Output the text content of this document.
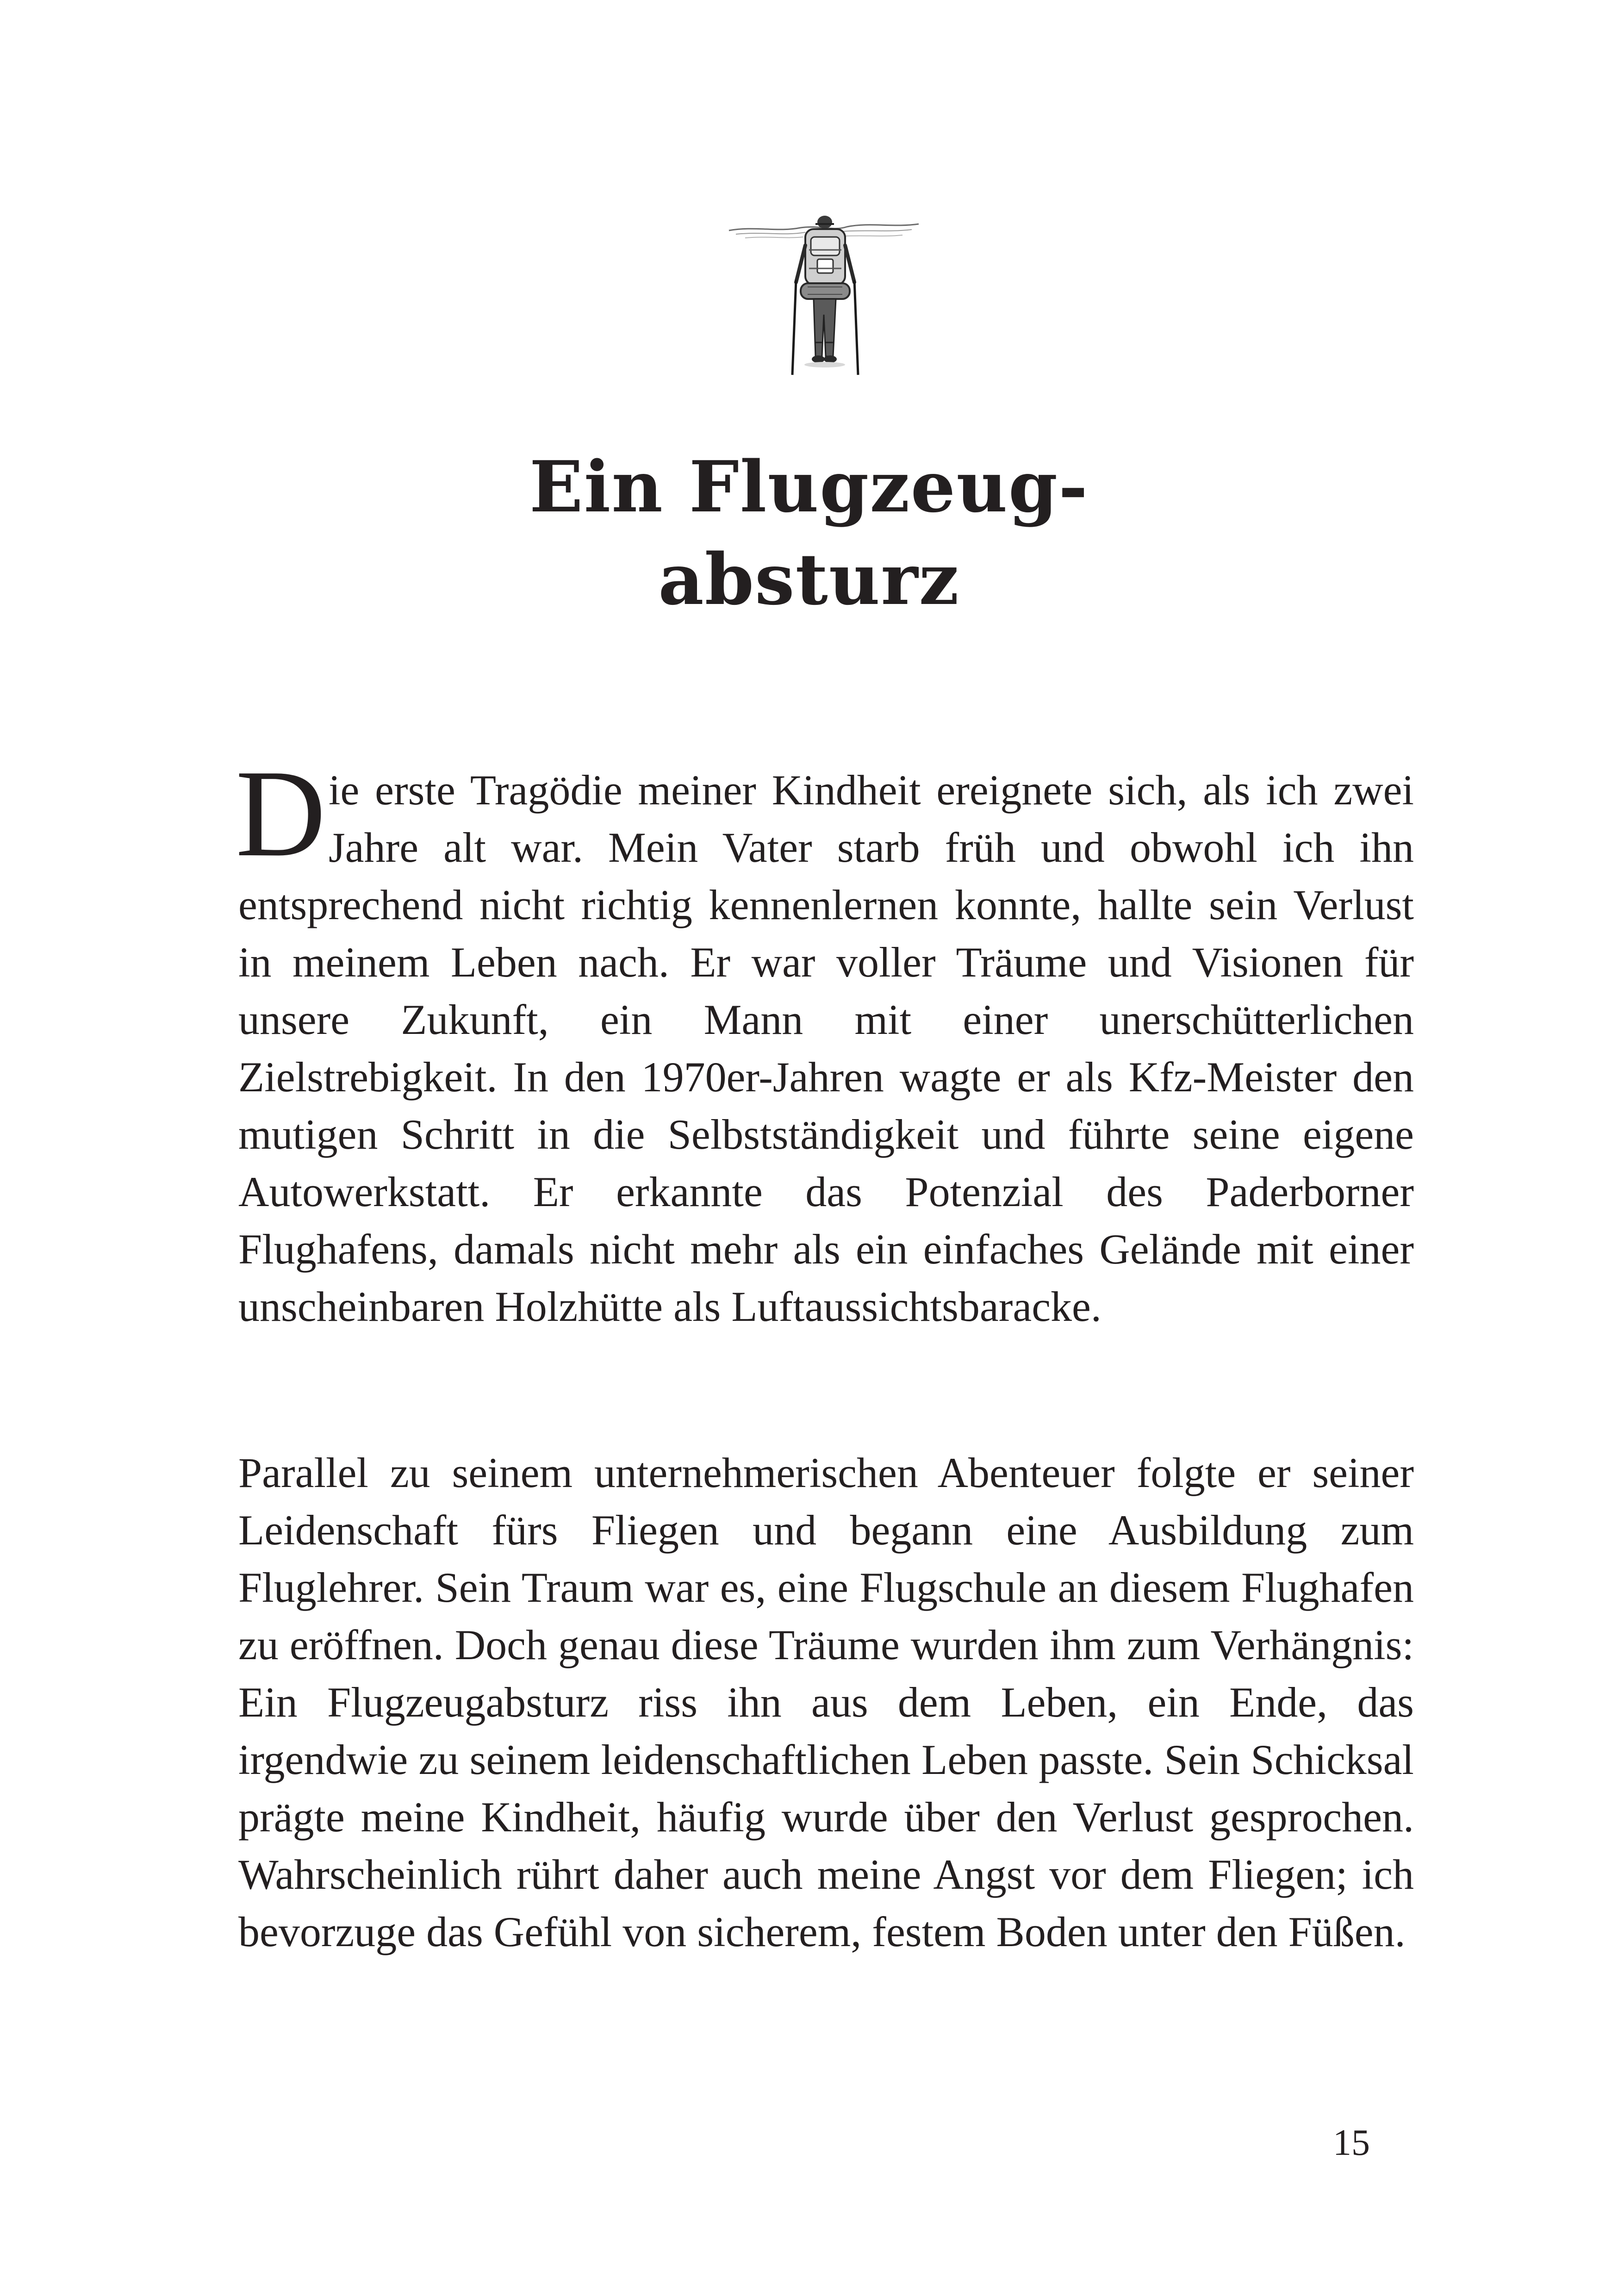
Ein Flugzeug-
absturz

Die erste Tragödie meiner Kindheit ereignete sich, als ich zwei Jahre alt war. Mein Vater starb früh und obwohl ich ihn entsprechend nicht richtig kennenlernen konnte, hallte sein Verlust in meinem Leben nach. Er war voller Träume und Visionen für unsere Zukunft, ein Mann mit einer unerschütterlichen Zielstrebigkeit. In den 1970er-Jahren wagte er als Kfz-Meister den mutigen Schritt in die Selbstständigkeit und führte seine eigene Autowerkstatt. Er erkannte das Potenzial des Paderborner Flughafens, damals nicht mehr als ein einfaches Gelände mit einer unscheinbaren Holzhütte als Luftaussichtsbaracke.

Parallel zu seinem unternehmerischen Abenteuer folgte er seiner Leidenschaft fürs Fliegen und begann eine Ausbildung zum Fluglehrer. Sein Traum war es, eine Flugschule an diesem Flughafen zu eröffnen. Doch genau diese Träume wurden ihm zum Verhängnis: Ein Flugzeugabsturz riss ihn aus dem Leben, ein Ende, das irgendwie zu seinem leidenschaftlichen Leben passte. Sein Schicksal prägte meine Kindheit, häufig wurde über den Verlust gesprochen. Wahrscheinlich rührt daher auch meine Angst vor dem Fliegen; ich bevorzuge das Gefühl von sicherem, festem Boden unter den Füßen.

15
